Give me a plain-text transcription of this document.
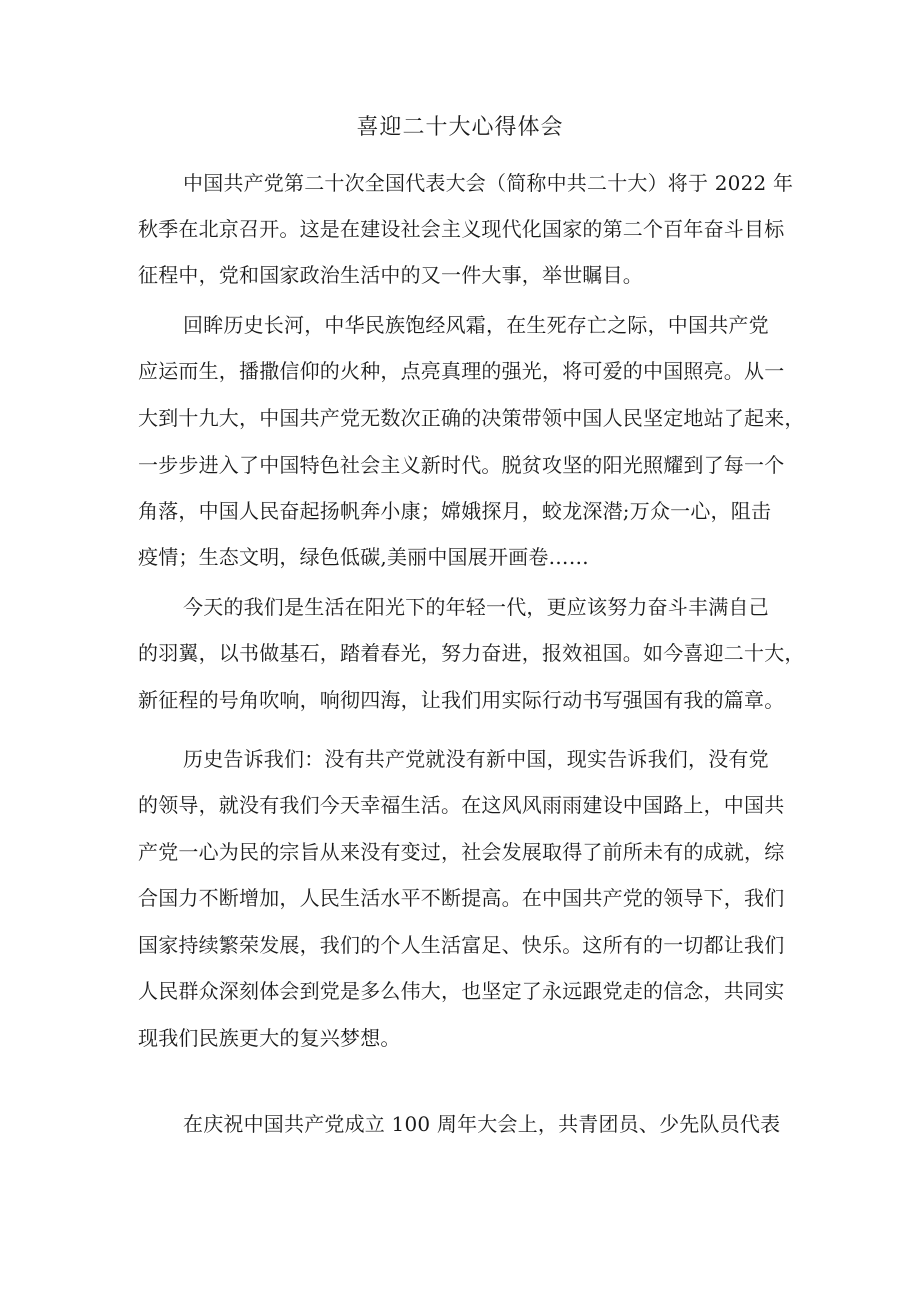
喜迎二十大心得体会
中国共产党第二十次全国代表大会（简称中共二十大）将于 2022 年
秋季在北京召开。这是在建设社会主义现代化国家的第二个百年奋斗目标
征程中，党和国家政治生活中的又一件大事，举世瞩目。
回眸历史长河，中华民族饱经风霜，在生死存亡之际，中国共产党
应运而生，播撒信仰的火种，点亮真理的强光，将可爱的中国照亮。从一
大到十九大，中国共产党无数次正确的决策带领中国人民坚定地站了起来，
一步步进入了中国特色社会主义新时代。脱贫攻坚的阳光照耀到了每一个
角落，中国人民奋起扬帆奔小康；嫦娥探月，蛟龙深潜;万众一心，阻击
疫情；生态文明，绿色低碳,美丽中国展开画卷……
今天的我们是生活在阳光下的年轻一代，更应该努力奋斗丰满自己
的羽翼，以书做基石，踏着春光，努力奋进，报效祖国。如今喜迎二十大，
新征程的号角吹响，响彻四海，让我们用实际行动书写强国有我的篇章。
历史告诉我们：没有共产党就没有新中国，现实告诉我们，没有党
的领导，就没有我们今天幸福生活。在这风风雨雨建设中国路上，中国共
产党一心为民的宗旨从来没有变过，社会发展取得了前所未有的成就，综
合国力不断增加，人民生活水平不断提高。在中国共产党的领导下，我们
国家持续繁荣发展，我们的个人生活富足、快乐。这所有的一切都让我们
人民群众深刻体会到党是多么伟大，也坚定了永远跟党走的信念，共同实
现我们民族更大的复兴梦想。
在庆祝中国共产党成立 100 周年大会上，共青团员、少先队员代表
